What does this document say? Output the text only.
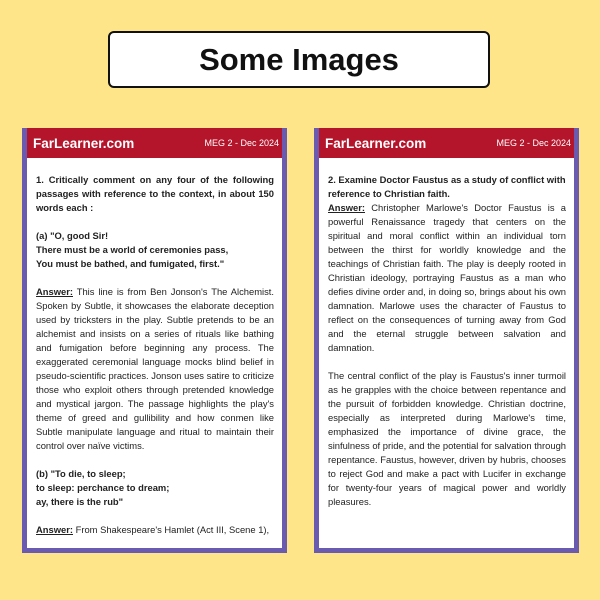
Some Images
FarLearner.com	MEG 2 - Dec 2024

1. Critically comment on any four of the following passages with reference to the context, in about 150 words each :

(a) "O, good Sir!
There must be a world of ceremonies pass,
You must be bathed, and fumigated, first."

Answer: This line is from Ben Jonson's The Alchemist. Spoken by Subtle, it showcases the elaborate deception used by tricksters in the play. Subtle pretends to be an alchemist and insists on a series of rituals like bathing and fumigation before beginning any process. The exaggerated ceremonial language mocks blind belief in pseudo-scientific practices. Jonson uses satire to criticize those who exploit others through pretended knowledge and mystical jargon. The passage highlights the play's theme of greed and gullibility and how conmen like Subtle manipulate language and ritual to maintain their control over naïve victims.

(b) "To die, to sleep;
to sleep: perchance to dream;
ay, there is the rub"

Answer: From Shakespeare's Hamlet (Act III, Scene 1),

FarLearner.com	MEG 2 - Dec 2024

2. Examine Doctor Faustus as a study of conflict with reference to Christian faith.

Answer: Christopher Marlowe's Doctor Faustus is a powerful Renaissance tragedy that centers on the spiritual and moral conflict within an individual torn between the thirst for worldly knowledge and the teachings of Christian faith. The play is deeply rooted in Christian ideology, portraying Faustus as a man who defies divine order and, in doing so, brings about his own damnation. Marlowe uses the character of Faustus to reflect on the consequences of turning away from God and the eternal struggle between salvation and damnation.

The central conflict of the play is Faustus's inner turmoil as he grapples with the choice between repentance and the pursuit of forbidden knowledge. Christian doctrine, especially as interpreted during Marlowe's time, emphasized the importance of divine grace, the sinfulness of pride, and the potential for salvation through repentance. Faustus, however, driven by hubris, chooses to reject God and make a pact with Lucifer in exchange for twenty-four years of magical power and worldly pleasures.
